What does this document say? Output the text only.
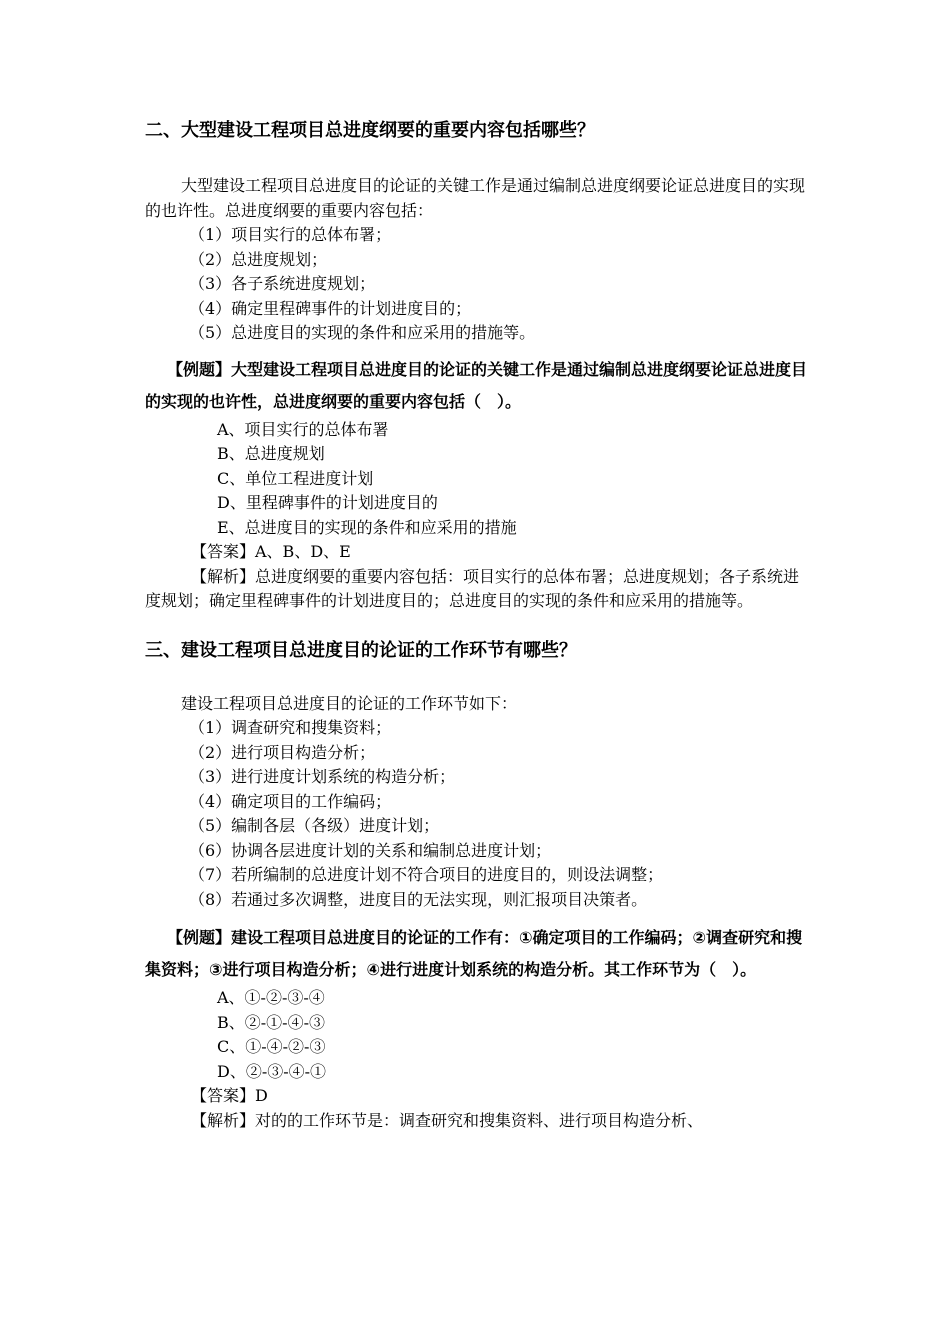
二、大型建设工程项目总进度纲要的重要内容包括哪些？

大型建设工程项目总进度目的论证的关键工作是通过编制总进度纲要论证总进度目的实现的也许性。总进度纲要的重要内容包括：

（1）项目实行的总体布署；

（2）总进度规划；

（3）各子系统进度规划；

（4）确定里程碑事件的计划进度目的；

（5）总进度目的实现的条件和应采用的措施等。

【例题】大型建设工程项目总进度目的论证的关键工作是通过编制总进度纲要论证总进度目的实现的也许性，总进度纲要的重要内容包括（　）。

A、项目实行的总体布署

B、总进度规划

C、单位工程进度计划

D、里程碑事件的计划进度目的

E、总进度目的实现的条件和应采用的措施

【答案】A、B、D、E

【解析】总进度纲要的重要内容包括：项目实行的总体布署；总进度规划；各子系统进度规划；确定里程碑事件的计划进度目的；总进度目的实现的条件和应采用的措施等。

三、建设工程项目总进度目的论证的工作环节有哪些？

建设工程项目总进度目的论证的工作环节如下：

（1）调查研究和搜集资料；

（2）进行项目构造分析；

（3）进行进度计划系统的构造分析；

（4）确定项目的工作编码；

（5）编制各层（各级）进度计划；

（6）协调各层进度计划的关系和编制总进度计划；

（7）若所编制的总进度计划不符合项目的进度目的，则设法调整；

（8）若通过多次调整，进度目的无法实现，则汇报项目决策者。

【例题】建设工程项目总进度目的论证的工作有：①确定项目的工作编码；②调查研究和搜集资料；③进行项目构造分析；④进行进度计划系统的构造分析。其工作环节为（　）。

A、①-②-③-④

B、②-①-④-③

C、①-④-②-③

D、②-③-④-①

【答案】D

【解析】对的的工作环节是：调查研究和搜集资料、进行项目构造分析、
